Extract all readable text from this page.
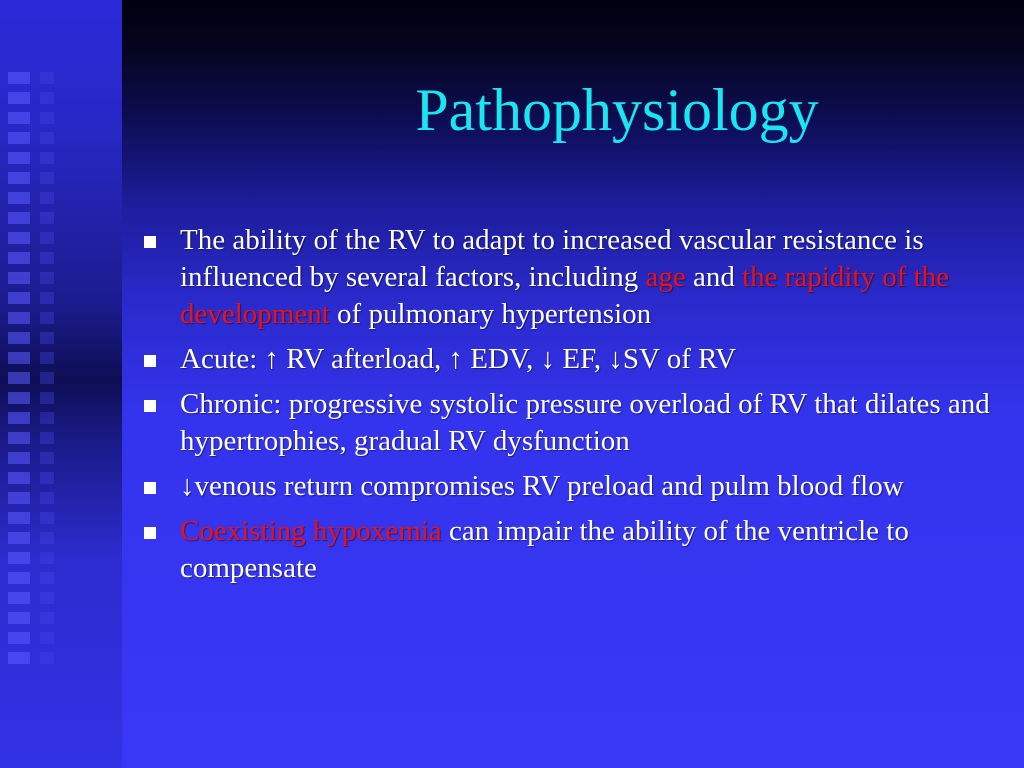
Pathophysiology
The ability of the RV to adapt to increased vascular resistance is influenced by several factors, including age and the rapidity of the development of pulmonary hypertension
Acute: ↑ RV afterload, ↑ EDV, ↓ EF, ↓SV of RV
Chronic: progressive systolic pressure overload of RV that dilates and hypertrophies, gradual RV dysfunction
↓venous return compromises RV preload and pulm blood flow
Coexisting hypoxemia can impair the ability of the ventricle to compensate
